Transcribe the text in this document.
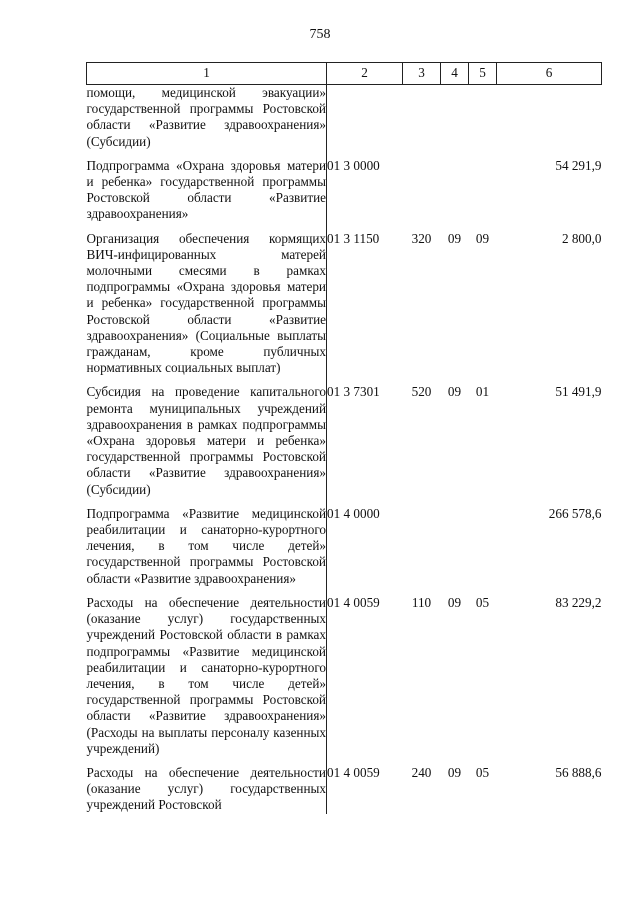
758
1	2	3	4	5	6
помощи, медицинской эвакуации» государственной программы Ростовской области «Развитие здравоохранения» (Субсидии)					
Подпрограмма «Охрана здоровья матери и ребенка» государственной программы Ростовской области «Развитие здравоохранения»	01 3 0000				54 291,9
Организация обеспечения кормящих ВИЧ-инфицированных матерей молочными смесями в рамках подпрограммы «Охрана здоровья матери и ребенка» государственной программы Ростовской области «Развитие здравоохранения» (Социальные выплаты гражданам, кроме публичных нормативных социальных выплат)	01 3 1150	320	09	09	2 800,0
Субсидия на проведение капитального ремонта муниципальных учреждений здравоохранения в рамках подпрограммы «Охрана здоровья матери и ребенка» государственной программы Ростовской области «Развитие здравоохранения» (Субсидии)	01 3 7301	520	09	01	51 491,9
Подпрограмма «Развитие медицинской реабилитации и санаторно-курортного лечения, в том числе детей» государственной программы Ростовской области «Развитие здравоохранения»	01 4 0000				266 578,6
Расходы на обеспечение деятельности (оказание услуг) государственных учреждений Ростовской области в рамках подпрограммы «Развитие медицинской реабилитации и санаторно-курортного лечения, в том числе детей» государственной программы Ростовской области «Развитие здравоохранения» (Расходы на выплаты персоналу казенных учреждений)	01 4 0059	110	09	05	83 229,2
Расходы на обеспечение деятельности (оказание услуг) государственных учреждений Ростовской	01 4 0059	240	09	05	56 888,6
